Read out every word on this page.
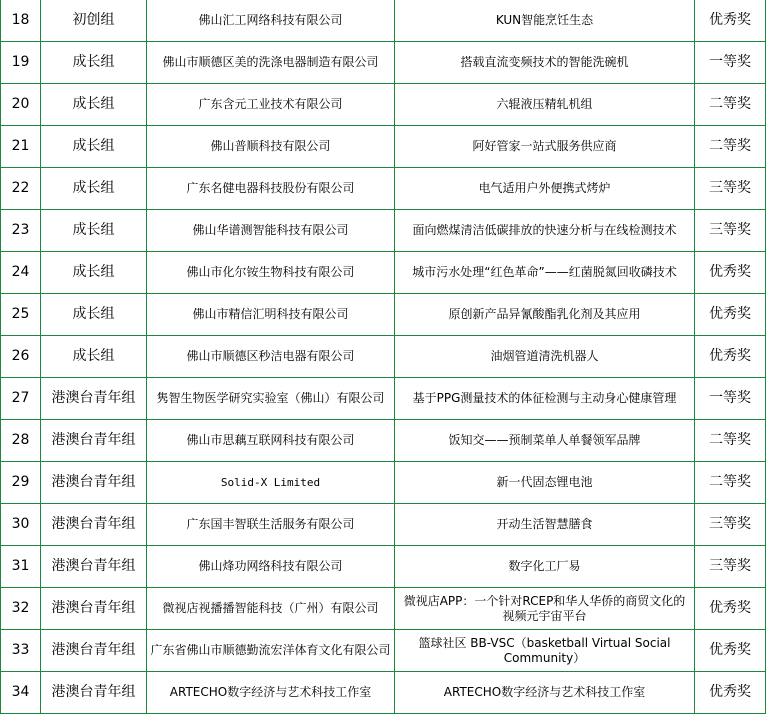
18	初创组	佛山汇工网络科技有限公司	KUN智能烹饪生态	优秀奖
19	成长组	佛山市顺德区美的洗涤电器制造有限公司	搭载直流变频技术的智能洗碗机	一等奖
20	成长组	广东含元工业技术有限公司	六辊液压精轧机组	二等奖
21	成长组	佛山普顺科技有限公司	阿好管家一站式服务供应商	二等奖
22	成长组	广东名健电器科技股份有限公司	电气适用户外便携式烤炉	三等奖
23	成长组	佛山华谱测智能科技有限公司	面向燃煤清洁低碳排放的快速分析与在线检测技术	三等奖
24	成长组	佛山市化尔铵生物科技有限公司	城市污水处理“红色革命”——红菌脱氮回收磷技术	优秀奖
25	成长组	佛山市精信汇明科技有限公司	原创新产品异氰酸酯乳化剂及其应用	优秀奖
26	成长组	佛山市顺德区秒洁电器有限公司	油烟管道清洗机器人	优秀奖
27	港澳台青年组	隽智生物医学研究实验室（佛山）有限公司	基于PPG测量技术的体征检测与主动身心健康管理	一等奖
28	港澳台青年组	佛山市思藕互联网科技有限公司	饭知交——预制菜单人单餐领军品牌	二等奖
29	港澳台青年组	Solid-X Limited	新一代固态锂电池	二等奖
30	港澳台青年组	广东国丰智联生活服务有限公司	开动生活智慧膳食	三等奖
31	港澳台青年组	佛山烽功网络科技有限公司	数字化工厂易	三等奖
32	港澳台青年组	微视店视播播智能科技（广州）有限公司	微视店APP：一个针对RCEP和华人华侨的商贸文化的视频元宇宙平台	优秀奖
33	港澳台青年组	广东省佛山市顺德勤流宏洋体育文化有限公司	篮球社区 BB-VSC（basketball Virtual Social Community）	优秀奖
34	港澳台青年组	ARTECHO数字经济与艺术科技工作室	ARTECHO数字经济与艺术科技工作室	优秀奖
